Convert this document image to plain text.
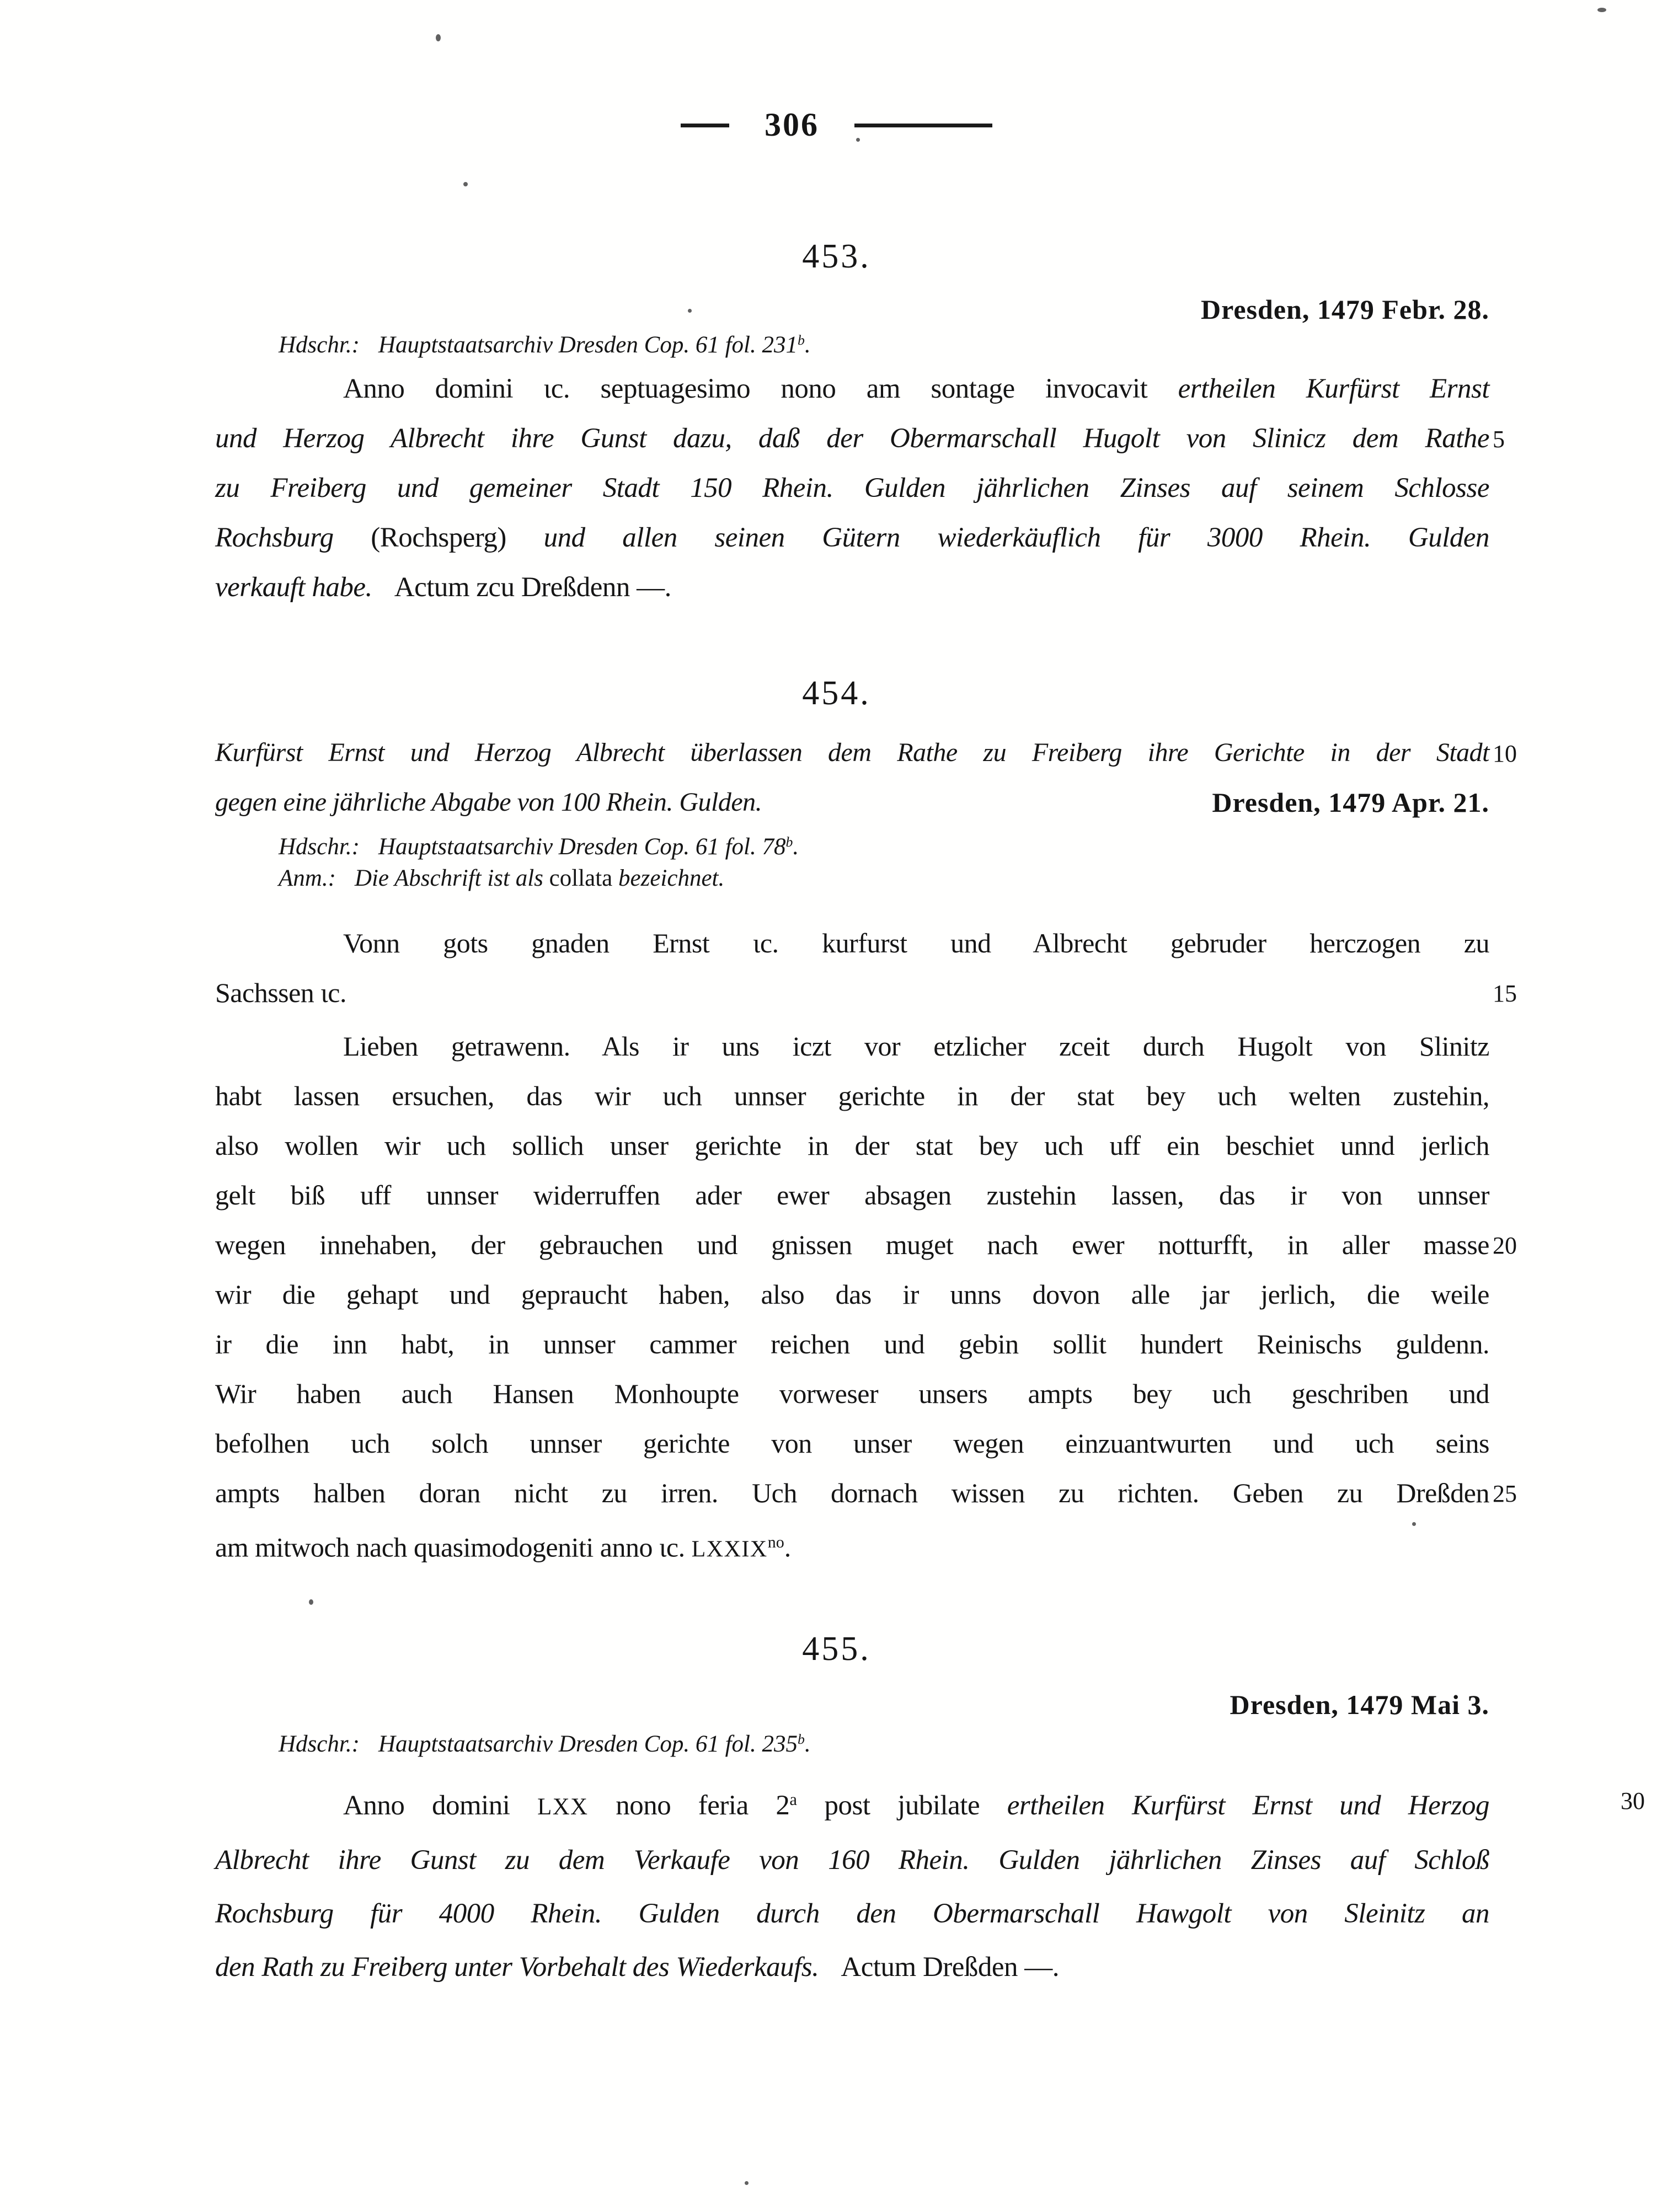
306
453.
Dresden, 1479 Febr. 28.
Hdschr.: Hauptstaatsarchiv Dresden Cop. 61 fol. 231$^b$.
Anno domini ɩc. septuagesimo nono am sontage invocavit ertheilen Kurfürst Ernst
und Herzog Albrecht ihre Gunst dazu, daß der Obermarschall Hugolt von Slinicz dem Rathe 5
zu Freiberg und gemeiner Stadt 150 Rhein. Gulden jährlichen Zinses auf seinem Schlosse
Rochsburg (Rochsperg) und allen seinen Gütern wiederkäuflich für 3000 Rhein. Gulden
verkauft habe. Actum zcu Dreßdenn —.
454.
Kurfürst Ernst und Herzog Albrecht überlassen dem Rathe zu Freiberg ihre Gerichte in der Stadt 10
gegen eine jährliche Abgabe von 100 Rhein. Gulden.	Dresden, 1479 Apr. 21.
Hdschr.: Hauptstaatsarchiv Dresden Cop. 61 fol. 78$^b$.
Anm.: Die Abschrift ist als collata bezeichnet.
Vonn gots gnaden Ernst ɩc. kurfurst und Albrecht gebruder herczogen zu
Sachssen ɩc.	15
Lieben getrawenn. Als ir uns iczt vor etzlicher zceit durch Hugolt von Slinitz
habt lassen ersuchen, das wir uch unnser gerichte in der stat bey uch welten zustehin,
also wollen wir uch sollich unser gerichte in der stat bey uch uff ein beschiet unnd jerlich
gelt biß uff unnser widerruffen ader ewer absagen zustehin lassen, das ir von unnser
wegen innehaben, der gebrauchen und gnissen muget nach ewer notturfft, in aller masse 20
wir die gehapt und gepraucht haben, also das ir unns dovon alle jar jerlich, die weile
ir die inn habt, in unnser cammer reichen und gebin sollit hundert Reinischs guldenn.
Wir haben auch Hansen Monhoupte vorweser unsers ampts bey uch geschriben und
befolhen uch solch unnser gerichte von unser wegen einzuantwurten und uch seins
ampts halben doran nicht zu irren. Uch dornach wissen zu richten. Geben zu Dreßden 25
am mitwoch nach quasimodogeniti anno ɩc. $LXXIX^{no}$.
455.
Dresden, 1479 Mai 3.
Hdschr.: Hauptstaatsarchiv Dresden Cop. 61 fol. 235$^b$.
Anno domini LXX nono feria 2$^a$ post jubilate ertheilen Kurfürst Ernst und Herzog	30
Albrecht ihre Gunst zu dem Verkaufe von 160 Rhein. Gulden jährlichen Zinses auf Schloß
Rochsburg für 4000 Rhein. Gulden durch den Obermarschall Hawgolt von Sleinitz an
den Rath zu Freiberg unter Vorbehalt des Wiederkaufs. Actum Dreßden —.
